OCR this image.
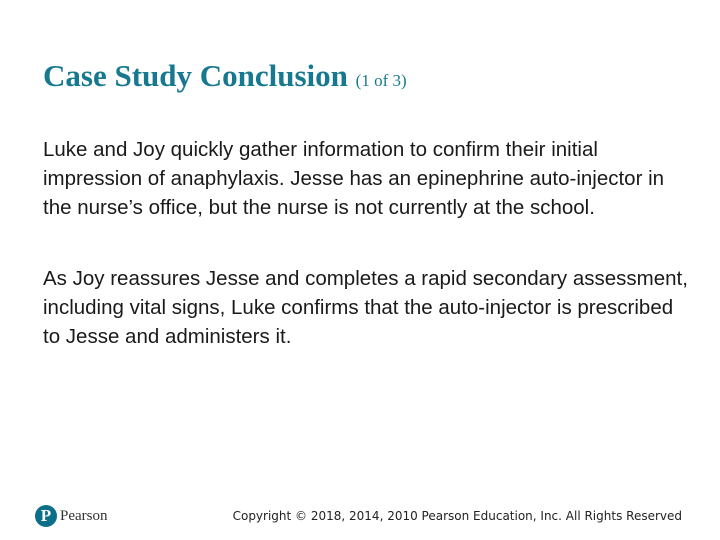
Case Study Conclusion (1 of 3)

Luke and Joy quickly gather information to confirm their initial impression of anaphylaxis. Jesse has an epinephrine auto-injector in the nurse’s office, but the nurse is not currently at the school.

As Joy reassures Jesse and completes a rapid secondary assessment, including vital signs, Luke confirms that the auto-injector is prescribed to Jesse and administers it.

P Pearson	Copyright © 2018, 2014, 2010 Pearson Education, Inc. All Rights Reserved
